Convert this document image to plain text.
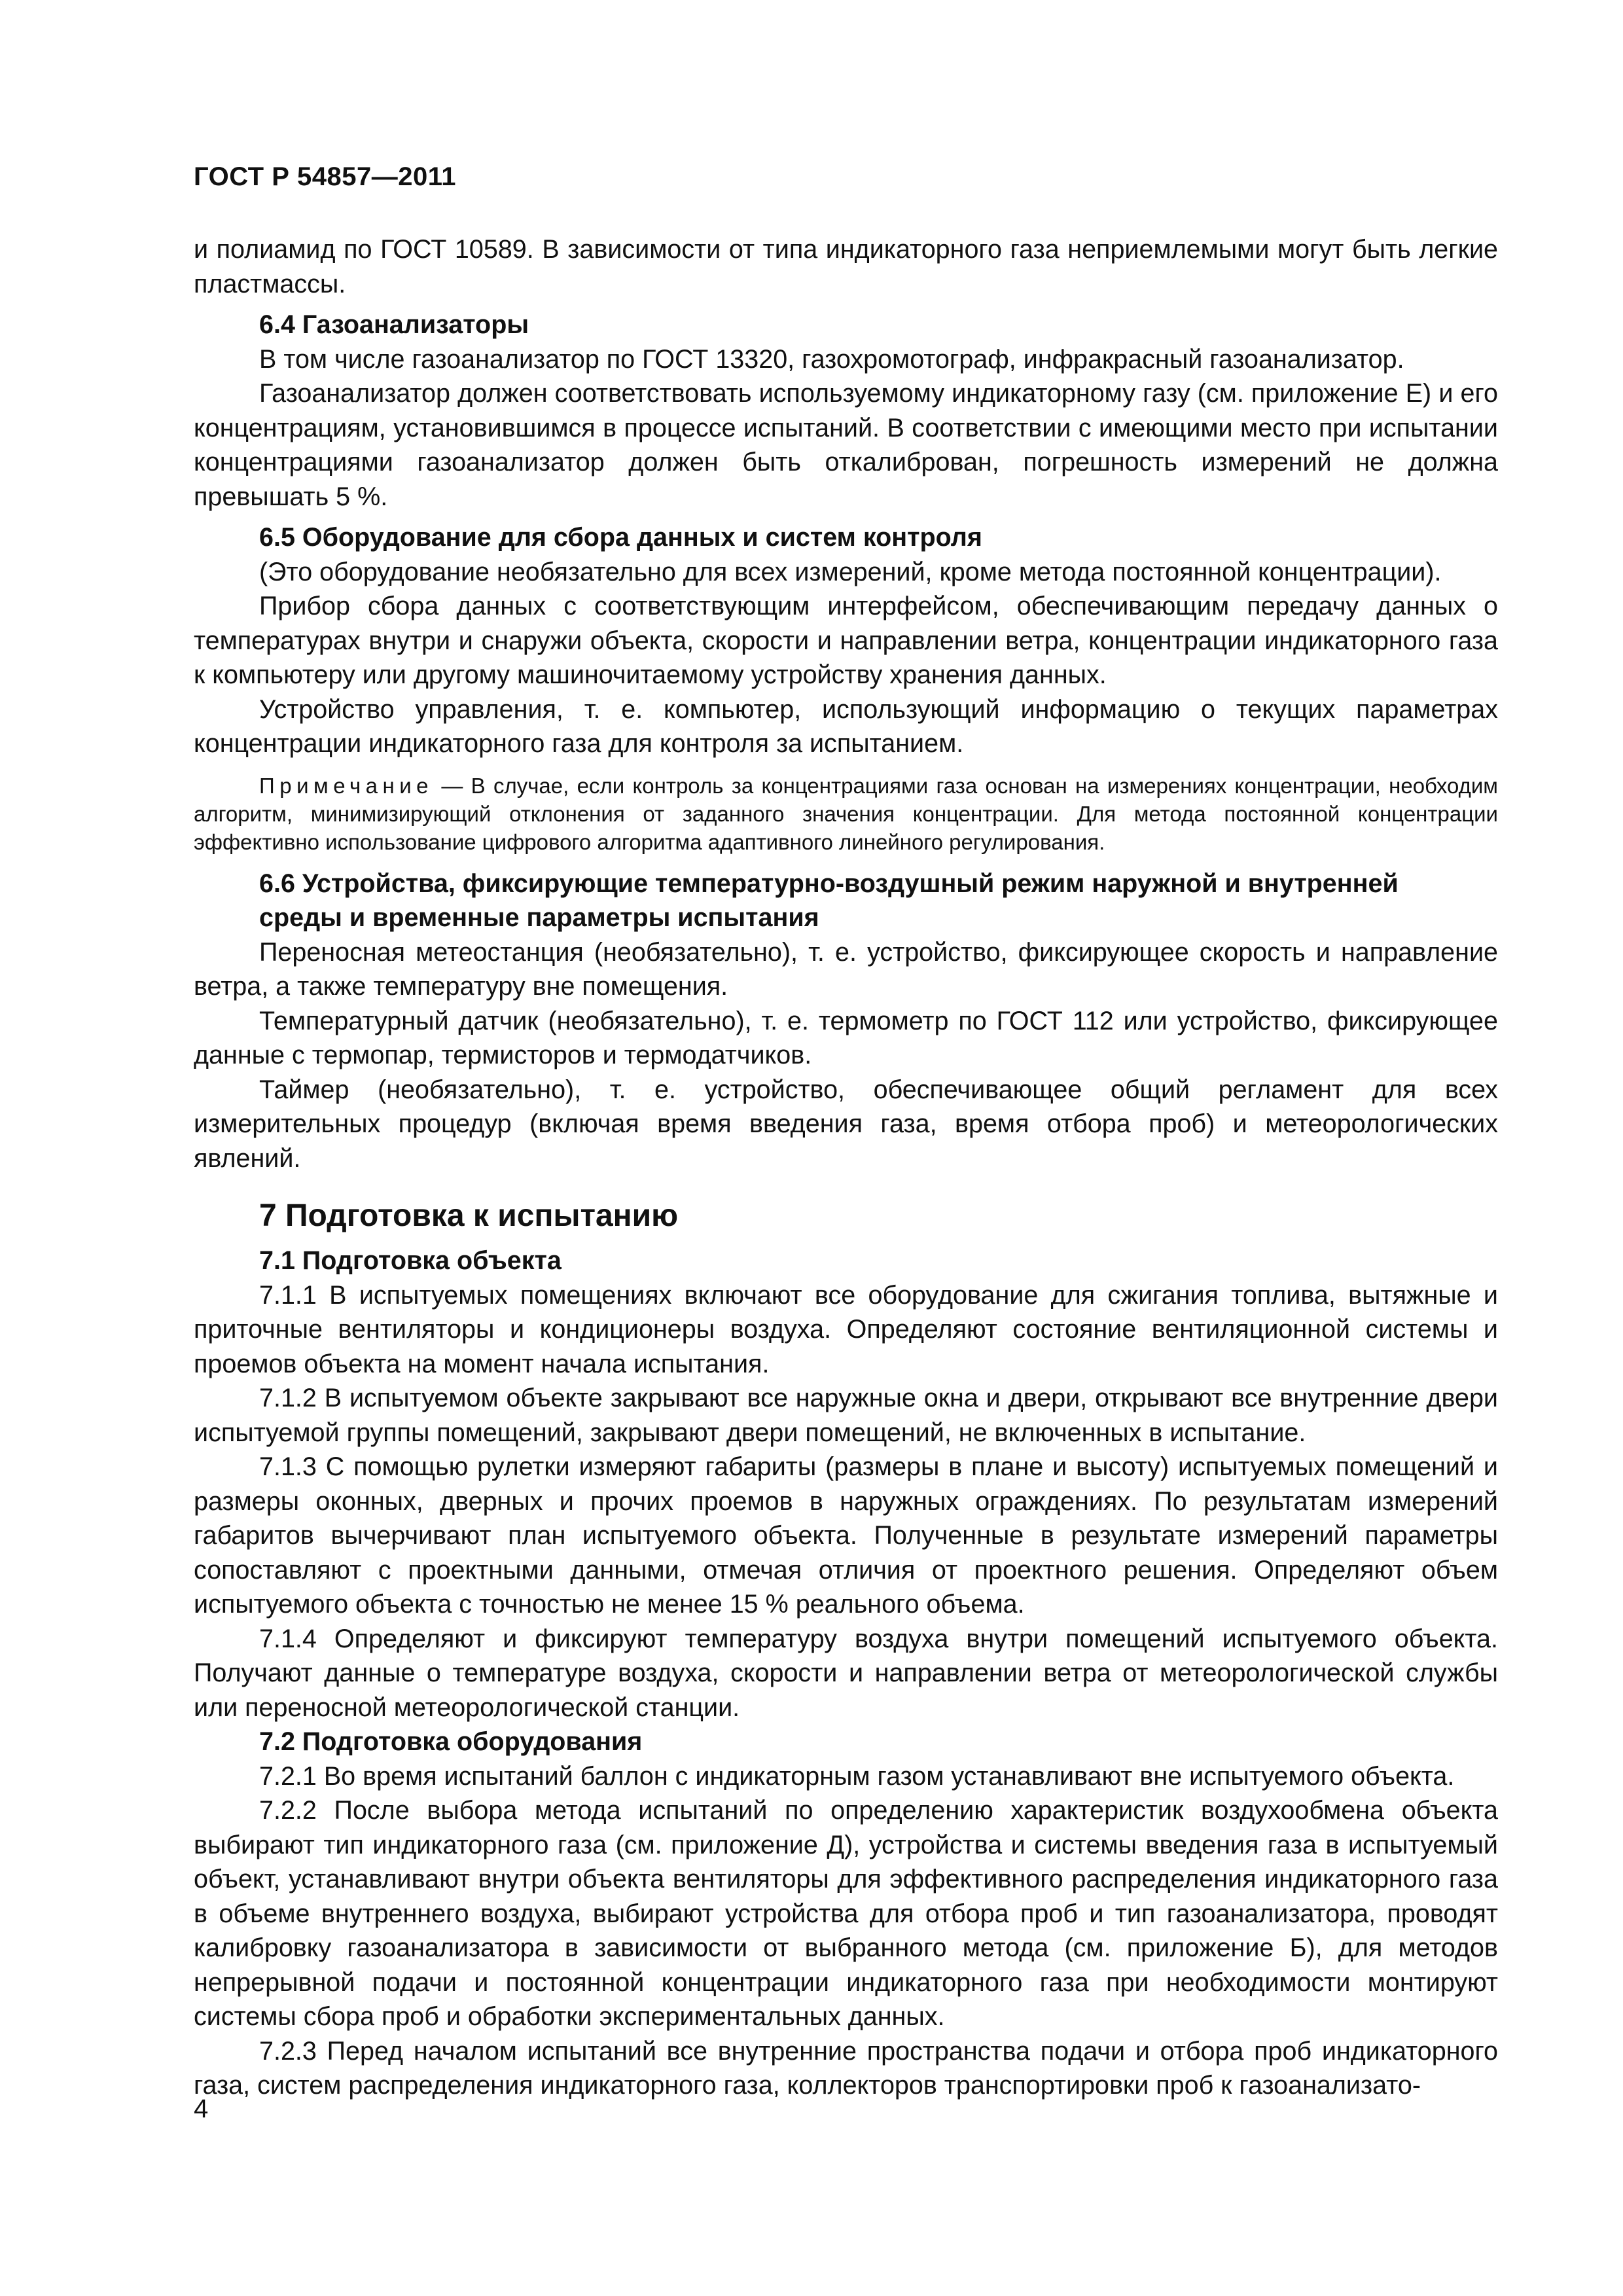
ГОСТ Р 54857—2011

и полиамид по ГОСТ 10589. В зависимости от типа индикаторного газа неприемлемыми могут быть легкие пластмассы.

6.4 Газоанализаторы

В том числе газоанализатор по ГОСТ 13320, газохромотограф, инфракрасный газоанализатор.

Газоанализатор должен соответствовать используемому индикаторному газу (см. приложение Е) и его концентрациям, установившимся в процессе испытаний. В соответствии с имеющими место при испытании концентрациями газоанализатор должен быть откалиброван, погрешность измерений не должна превышать 5 %.

6.5 Оборудование для сбора данных и систем контроля

(Это оборудование необязательно для всех измерений, кроме метода постоянной концентрации).

Прибор сбора данных с соответствующим интерфейсом, обеспечивающим передачу данных о температурах внутри и снаружи объекта, скорости и направлении ветра, концентрации индикаторного газа к компьютеру или другому машиночитаемому устройству хранения данных.

Устройство управления, т. е. компьютер, использующий информацию о текущих параметрах концентрации индикаторного газа для контроля за испытанием.

Примечание — В случае, если контроль за концентрациями газа основан на измерениях концентрации, необходим алгоритм, минимизирующий отклонения от заданного значения концентрации. Для метода постоянной концентрации эффективно использование цифрового алгоритма адаптивного линейного регулирования.

6.6 Устройства, фиксирующие температурно-воздушный режим наружной и внутренней
среды и временные параметры испытания

Переносная метеостанция (необязательно), т. е. устройство, фиксирующее скорость и направление ветра, а также температуру вне помещения.

Температурный датчик (необязательно), т. е. термометр по ГОСТ 112 или устройство, фиксирующее данные с термопар, термисторов и термодатчиков.

Таймер (необязательно), т. е. устройство, обеспечивающее общий регламент для всех измерительных процедур (включая время введения газа, время отбора проб) и метеорологических явлений.

7 Подготовка к испытанию

7.1 Подготовка объекта

7.1.1 В испытуемых помещениях включают все оборудование для сжигания топлива, вытяжные и приточные вентиляторы и кондиционеры воздуха. Определяют состояние вентиляционной системы и проемов объекта на момент начала испытания.

7.1.2 В испытуемом объекте закрывают все наружные окна и двери, открывают все внутренние двери испытуемой группы помещений, закрывают двери помещений, не включенных в испытание.

7.1.3 С помощью рулетки измеряют габариты (размеры в плане и высоту) испытуемых помещений и размеры оконных, дверных и прочих проемов в наружных ограждениях. По результатам измерений габаритов вычерчивают план испытуемого объекта. Полученные в результате измерений параметры сопоставляют с проектными данными, отмечая отличия от проектного решения. Определяют объем испытуемого объекта с точностью не менее 15 % реального объема.

7.1.4 Определяют и фиксируют температуру воздуха внутри помещений испытуемого объекта. Получают данные о температуре воздуха, скорости и направлении ветра от метеорологической службы или переносной метеорологической станции.

7.2 Подготовка оборудования

7.2.1 Во время испытаний баллон с индикаторным газом устанавливают вне испытуемого объекта.

7.2.2 После выбора метода испытаний по определению характеристик воздухообмена объекта выбирают тип индикаторного газа (см. приложение Д), устройства и системы введения газа в испытуемый объект, устанавливают внутри объекта вентиляторы для эффективного распределения индикаторного газа в объеме внутреннего воздуха, выбирают устройства для отбора проб и тип газоанализатора, проводят калибровку газоанализатора в зависимости от выбранного метода (см. приложение Б), для методов непрерывной подачи и постоянной концентрации индикаторного газа при необходимости монтируют системы сбора проб и обработки экспериментальных данных.

7.2.3 Перед началом испытаний все внутренние пространства подачи и отбора проб индикаторного газа, систем распределения индикаторного газа, коллекторов транспортировки проб к газоанализато-

4
